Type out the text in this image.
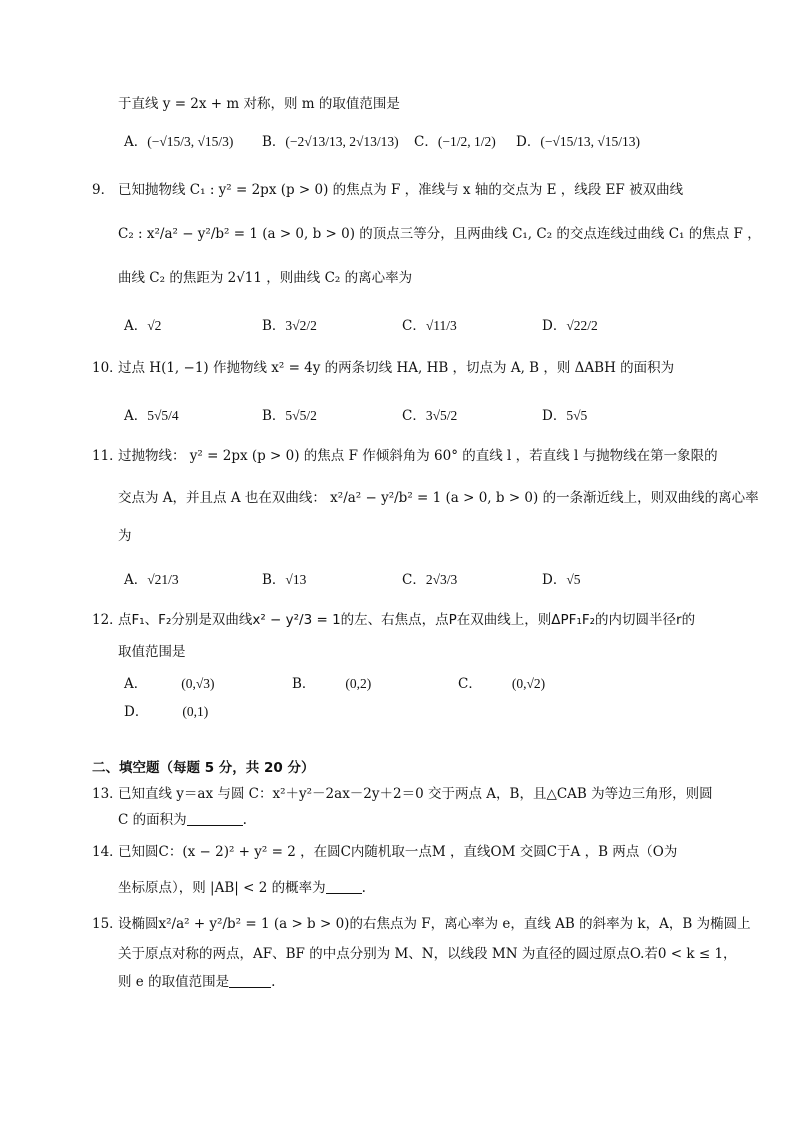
于直线 y = 2x + m 对称，则 m 的取值范围是
A．(−√15/3, √15/3) B．(−2√13/13, 2√13/13) C．(−1/2, 1/2) D．(−√15/13, √15/13)
9． 已知抛物线 C₁ : y² = 2px (p > 0) 的焦点为 F ，准线与 x 轴的交点为 E ，线段 EF 被双曲线
C₂ : x²/a² − y²/b² = 1 (a > 0, b > 0) 的顶点三等分，且两曲线 C₁, C₂ 的交点连线过曲线 C₁ 的焦点 F ，
曲线 C₂ 的焦距为 2√11 ，则曲线 C₂ 的离心率为
A．√2	B．3√2/2	C．√11/3	D．√22/2
10．
过点 H(1, −1) 作抛物线 x² = 4y 的两条切线 HA, HB ，切点为 A, B ，则 ΔABH 的面积为
A．5√5/4	B．5√5/2	C．3√5/2	D．5√5
11．
过抛物线： y² = 2px (p > 0) 的焦点 F 作倾斜角为 60° 的直线 l ，若直线 l 与抛物线在第一象限的
交点为 A，并且点 A 也在双曲线： x²/a² − y²/b² = 1 (a > 0, b > 0) 的一条渐近线上，则双曲线的离心率
为
A．√21/3	B．√13	C．2√3/3	D．√5
12．
点F₁、F₂分别是双曲线x² − y²/3 = 1的左、右焦点，点P在双曲线上，则ΔPF₁F₂的内切圆半径r的
取值范围是
A．	(0,√3)	B． (0,2)	C． (0,√2)
D．	(0,1)
二、填空题（每题 5 分，共 20 分）
13．
已知直线 y＝ax 与圆 C：x²＋y²－2ax－2y＋2＝0 交于两点 A，B，且△CAB 为等边三角形，则圆
C 的面积为	.
14．
已知圆C：(x − 2)² + y² = 2 ，在圆C内随机取一点M ，直线OM 交圆C于A ，B 两点（O为
坐标原点），则 |AB| < 2 的概率为	.
15．
设椭圆x²/a² + y²/b² = 1 (a > b > 0)的右焦点为 F，离心率为 e，直线 AB 的斜率为 k，A，B 为椭圆上
关于原点对称的两点，AF、BF 的中点分别为 M、N，以线段 MN 为直径的圆过原点O.若0 < k ≤ 1，
则 e 的取值范围是	.
